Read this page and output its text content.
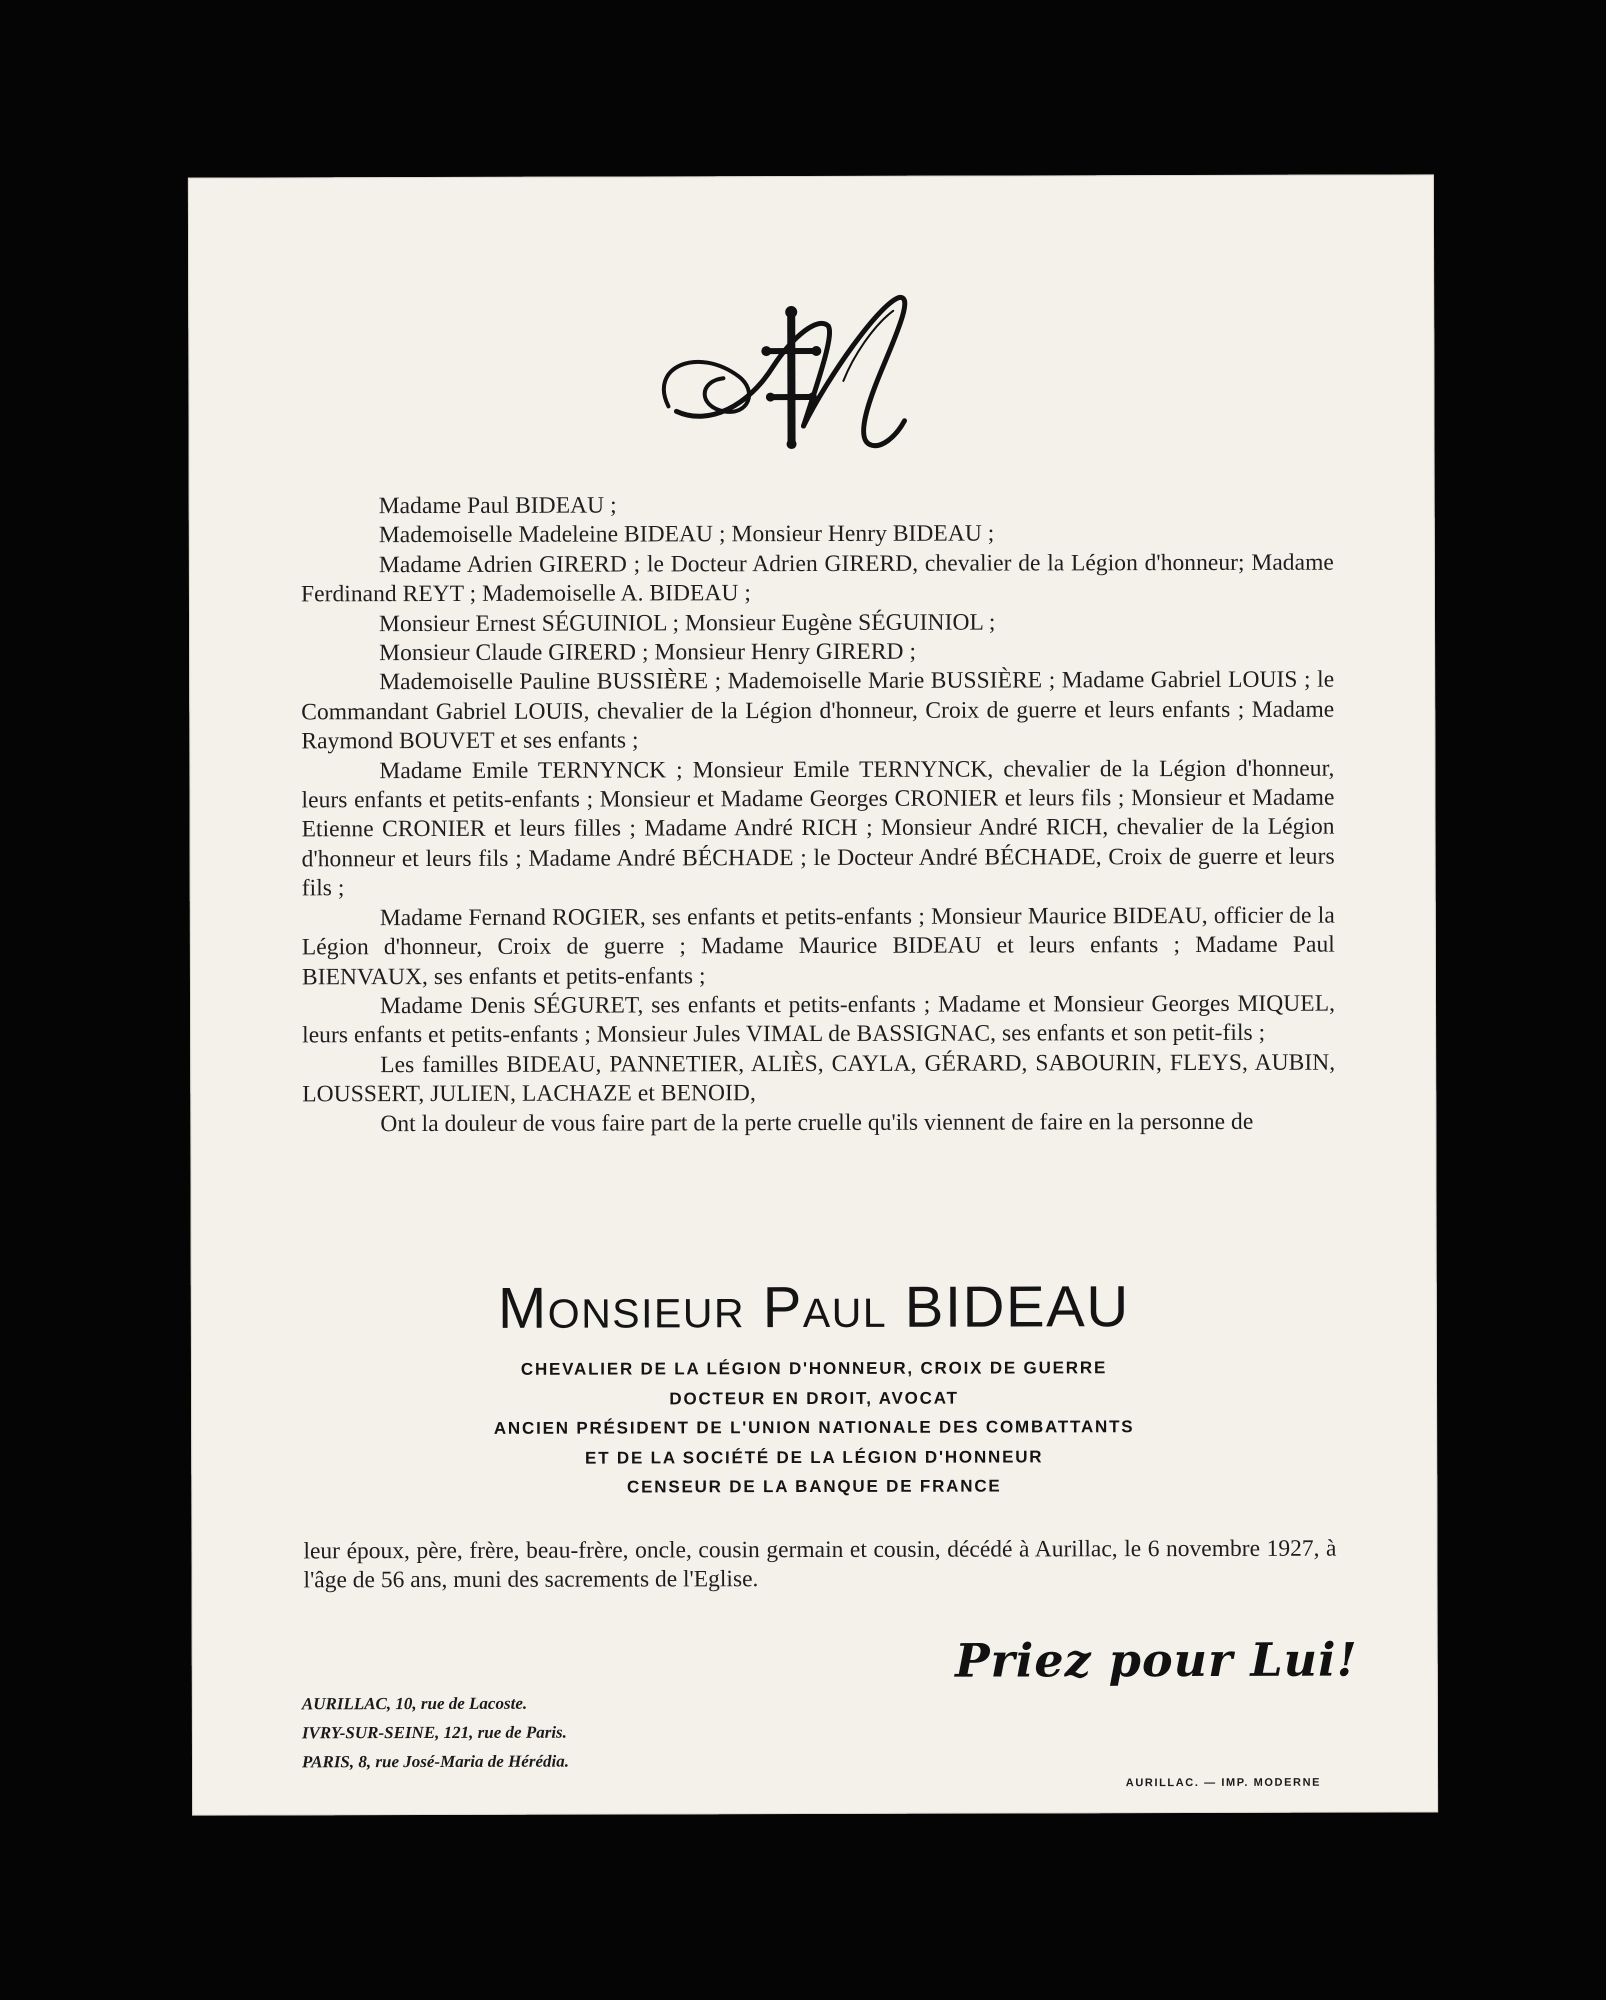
Madame Paul BIDEAU ;

Mademoiselle Madeleine BIDEAU ; Monsieur Henry BIDEAU ;

Madame Adrien GIRERD ; le Docteur Adrien GIRERD, chevalier de la Légion d'honneur; Madame Ferdinand REYT ; Mademoiselle A. BIDEAU ;

Monsieur Ernest SÉGUINIOL ; Monsieur Eugène SÉGUINIOL ;

Monsieur Claude GIRERD ; Monsieur Henry GIRERD ;

Mademoiselle Pauline BUSSIÈRE ; Mademoiselle Marie BUSSIÈRE ; Madame Gabriel LOUIS ; le Commandant Gabriel LOUIS, chevalier de la Légion d'honneur, Croix de guerre et leurs enfants ; Madame Raymond BOUVET et ses enfants ;

Madame Emile TERNYNCK ; Monsieur Emile TERNYNCK, chevalier de la Légion d'honneur, leurs enfants et petits-enfants ; Monsieur et Madame Georges CRONIER et leurs fils ; Monsieur et Madame Etienne CRONIER et leurs filles ; Madame André RICH ; Monsieur André RICH, chevalier de la Légion d'honneur et leurs fils ; Madame André BÉCHADE ; le Docteur André BÉCHADE, Croix de guerre et leurs fils ;

Madame Fernand ROGIER, ses enfants et petits-enfants ; Monsieur Maurice BIDEAU, officier de la Légion d'honneur, Croix de guerre ; Madame Maurice BIDEAU et leurs enfants ; Madame Paul BIENVAUX, ses enfants et petits-enfants ;

Madame Denis SÉGURET, ses enfants et petits-enfants ; Madame et Monsieur Georges MIQUEL, leurs enfants et petits-enfants ; Monsieur Jules VIMAL de BASSIGNAC, ses enfants et son petit-fils ;

Les familles BIDEAU, PANNETIER, ALIÈS, CAYLA, GÉRARD, SABOURIN, FLEYS, AUBIN, LOUSSERT, JULIEN, LACHAZE et BENOID,

Ont la douleur de vous faire part de la perte cruelle qu'ils viennent de faire en la personne de

Monsieur Paul BIDEAU
CHEVALIER DE LA LÉGION D'HONNEUR, CROIX DE GUERRE
DOCTEUR EN DROIT, AVOCAT
ANCIEN PRÉSIDENT DE L'UNION NATIONALE DES COMBATTANTS
ET DE LA SOCIÉTÉ DE LA LÉGION D'HONNEUR
CENSEUR DE LA BANQUE DE FRANCE
leur époux, père, frère, beau-frère, oncle, cousin germain et cousin, décédé à Aurillac, le 6 novembre 1927, à l'âge de 56 ans, muni des sacrements de l'Eglise.
Priez pour Lui!
AURILLAC, 10, rue de Lacoste.
IVRY-SUR-SEINE, 121, rue de Paris.
PARIS, 8, rue José-Maria de Hérédia.
AURILLAC. — IMP. MODERNE
